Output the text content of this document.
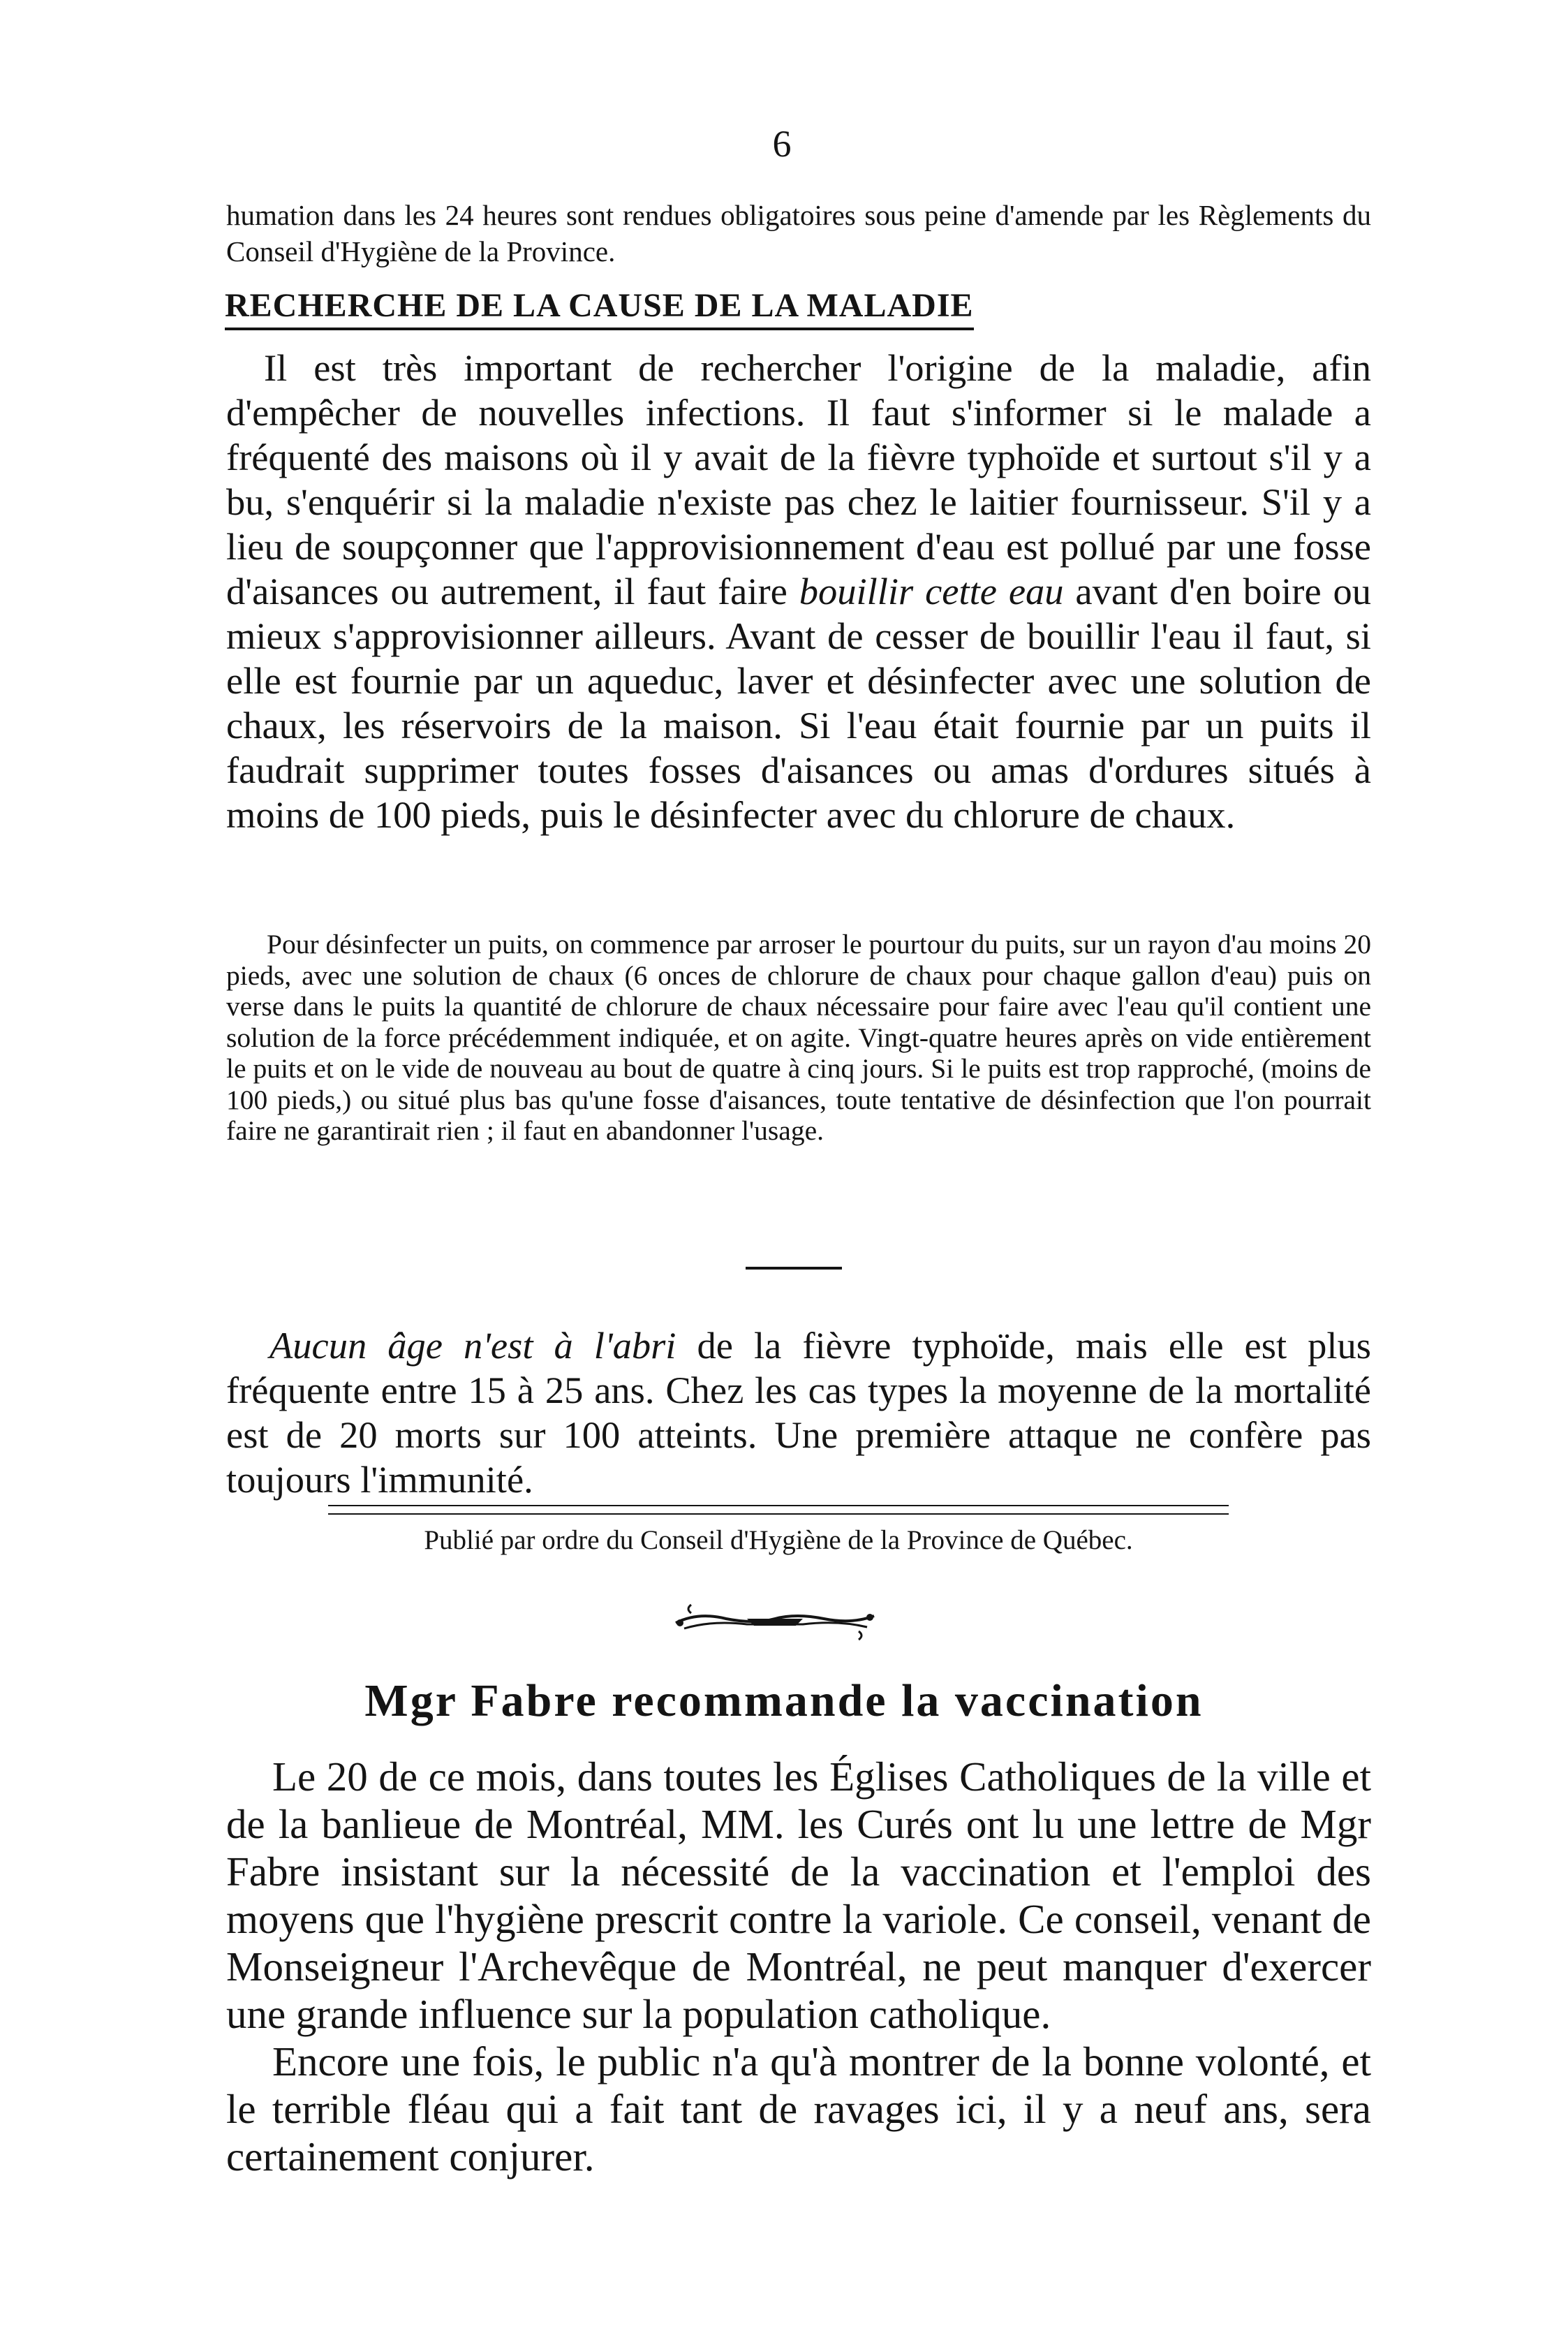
6
humation dans les 24 heures sont rendues obligatoires sous peine d'amende par les Règlements du Conseil d'Hygiène de la Province.
RECHERCHE DE LA CAUSE DE LA MALADIE
Il est très important de rechercher l'origine de la maladie, afin d'empêcher de nouvelles infections. Il faut s'informer si le malade a fréquenté des maisons où il y avait de la fièvre typhoïde et surtout s'il y a bu, s'enquérir si la maladie n'existe pas chez le laitier fournisseur. S'il y a lieu de soupçonner que l'approvisionnement d'eau est pollué par une fosse d'aisances ou autrement, il faut faire bouillir cette eau avant d'en boire ou mieux s'approvisionner ailleurs. Avant de cesser de bouillir l'eau il faut, si elle est fournie par un aqueduc, laver et désinfecter avec une solution de chaux, les réservoirs de la maison. Si l'eau était fournie par un puits il faudrait supprimer toutes fosses d'aisances ou amas d'ordures situés à moins de 100 pieds, puis le désinfecter avec du chlorure de chaux.
Pour désinfecter un puits, on commence par arroser le pourtour du puits, sur un rayon d'au moins 20 pieds, avec une solution de chaux (6 onces de chlorure de chaux pour chaque gallon d'eau) puis on verse dans le puits la quantité de chlorure de chaux nécessaire pour faire avec l'eau qu'il contient une solution de la force précédemment indiquée, et on agite. Vingt-quatre heures après on vide entièrement le puits et on le vide de nouveau au bout de quatre à cinq jours. Si le puits est trop rapproché, (moins de 100 pieds,) ou situé plus bas qu'une fosse d'aisances, toute tentative de désinfection que l'on pourrait faire ne garantirait rien ; il faut en abandonner l'usage.
Aucun âge n'est à l'abri de la fièvre typhoïde, mais elle est plus fréquente entre 15 à 25 ans. Chez les cas types la moyenne de la mortalité est de 20 morts sur 100 atteints. Une première attaque ne confère pas toujours l'immunité.
Publié par ordre du Conseil d'Hygiène de la Province de Québec.
Mgr Fabre recommande la vaccination

Le 20 de ce mois, dans toutes les Églises Catholiques de la ville et de la banlieue de Montréal, MM. les Curés ont lu une lettre de Mgr Fabre insistant sur la nécessité de la vaccination et l'emploi des moyens que l'hygiène prescrit contre la variole. Ce conseil, venant de Monseigneur l'Archevêque de Montréal, ne peut manquer d'exercer une grande influence sur la population catholique.

Encore une fois, le public n'a qu'à montrer de la bonne volonté, et le terrible fléau qui a fait tant de ravages ici, il y a neuf ans, sera certainement conjurer.
